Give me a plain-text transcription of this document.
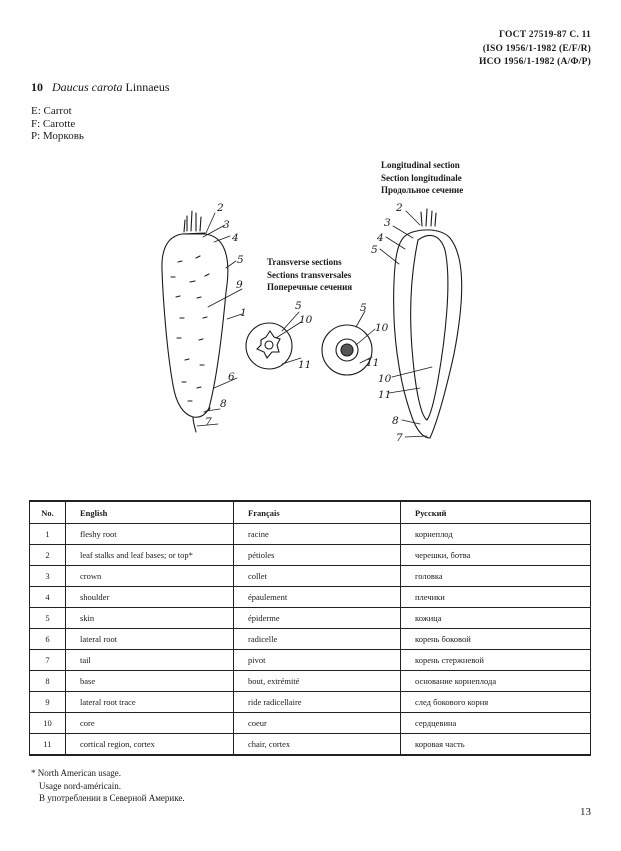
ГОСТ 27519-87 С. 11
(ISO 1956/1-1982 (E/F/R)
ИСО 1956/1-1982 (А/Ф/Р)
10 Daucus carota Linnaeus
E: Carrot
F: Carotte
P: Морковь
Longitudinal section
Section longitudinale
Продольное сечение
Transverse sections
Sections transversales
Поперечные сечения
2
3
4
5
9
1
6
8
7
5
10
11
5
10
11
2
3
4
5
10
11
8
7
No.	English	Français	Русский
1	fleshy root	racine	корнеплод
2	leaf stalks and leaf bases; or top*	pétioles	черешки, ботва
3	crown	collet	головка
4	shoulder	épaulement	плечики
5	skin	épiderme	кожица
6	lateral root	radicelle	корень боковой
7	tail	pivot	корень стержневой
8	base	bout, extrémité	основание корнеплода
9	lateral root trace	ride radicellaire	след бокового корня
10	core	coeur	сердцевина
11	cortical region, cortex	chair, cortex	коровая часть
* North American usage.
Usage nord-américain.
В употреблении в Северной Америке.
13
